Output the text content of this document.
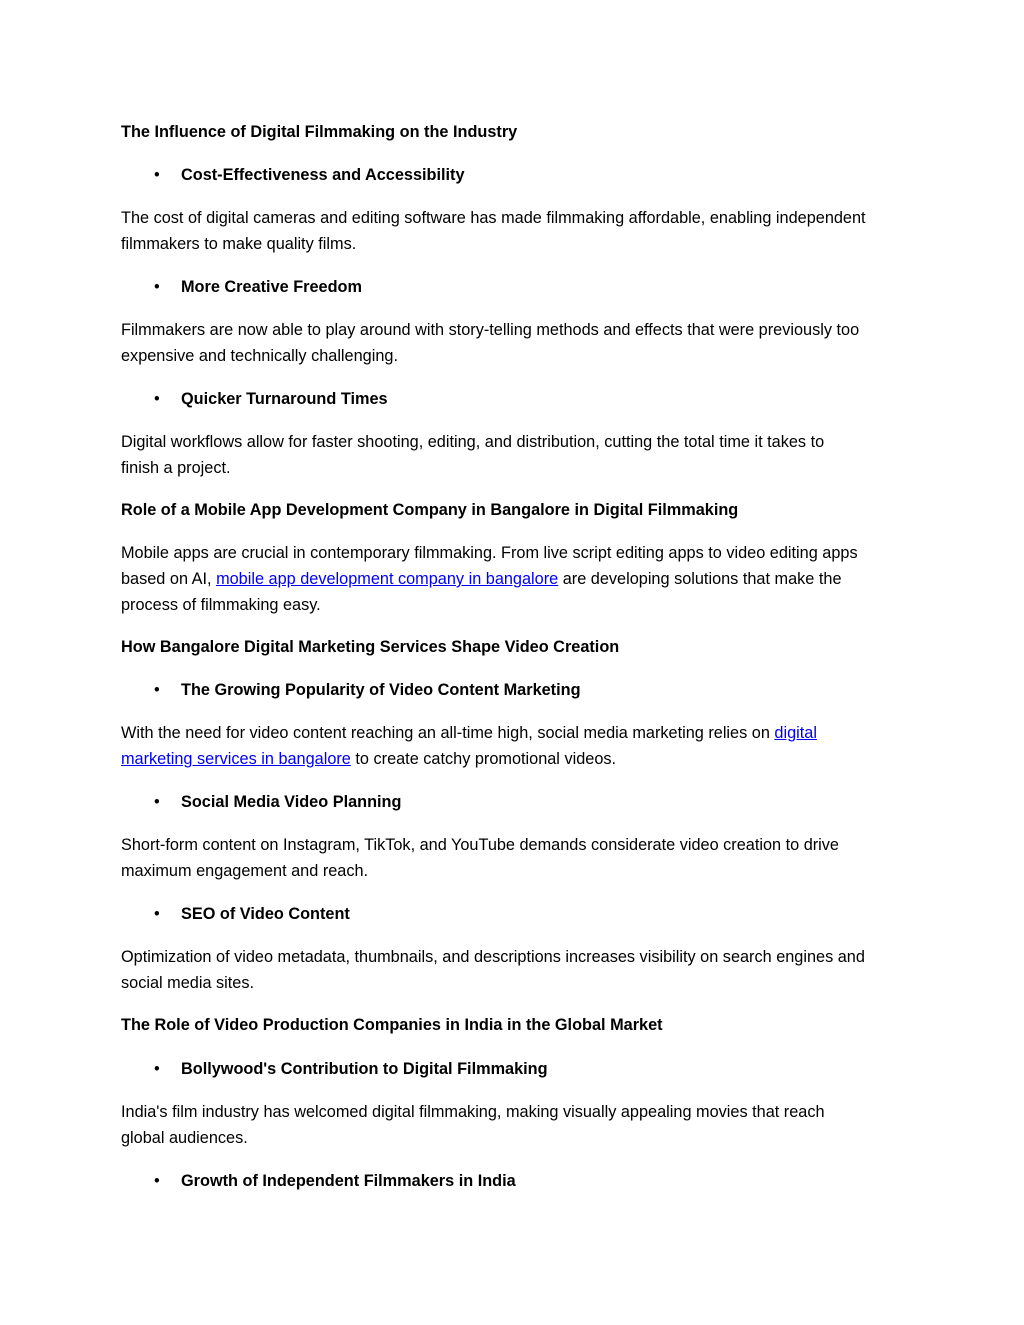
The Influence of Digital Filmmaking on the Industry
• Cost-Effectiveness and Accessibility
The cost of digital cameras and editing software has made filmmaking affordable, enabling independent
filmmakers to make quality films.
• More Creative Freedom
Filmmakers are now able to play around with story-telling methods and effects that were previously too
expensive and technically challenging.
• Quicker Turnaround Times
Digital workflows allow for faster shooting, editing, and distribution, cutting the total time it takes to
finish a project.
Role of a Mobile App Development Company in Bangalore in Digital Filmmaking
Mobile apps are crucial in contemporary filmmaking. From live script editing apps to video editing apps
based on AI, mobile app development company in bangalore are developing solutions that make the
process of filmmaking easy.
How Bangalore Digital Marketing Services Shape Video Creation
• The Growing Popularity of Video Content Marketing
With the need for video content reaching an all-time high, social media marketing relies on digital
marketing services in bangalore to create catchy promotional videos.
• Social Media Video Planning
Short-form content on Instagram, TikTok, and YouTube demands considerate video creation to drive
maximum engagement and reach.
• SEO of Video Content
Optimization of video metadata, thumbnails, and descriptions increases visibility on search engines and
social media sites.
The Role of Video Production Companies in India in the Global Market
• Bollywood's Contribution to Digital Filmmaking
India's film industry has welcomed digital filmmaking, making visually appealing movies that reach
global audiences.
• Growth of Independent Filmmakers in India
